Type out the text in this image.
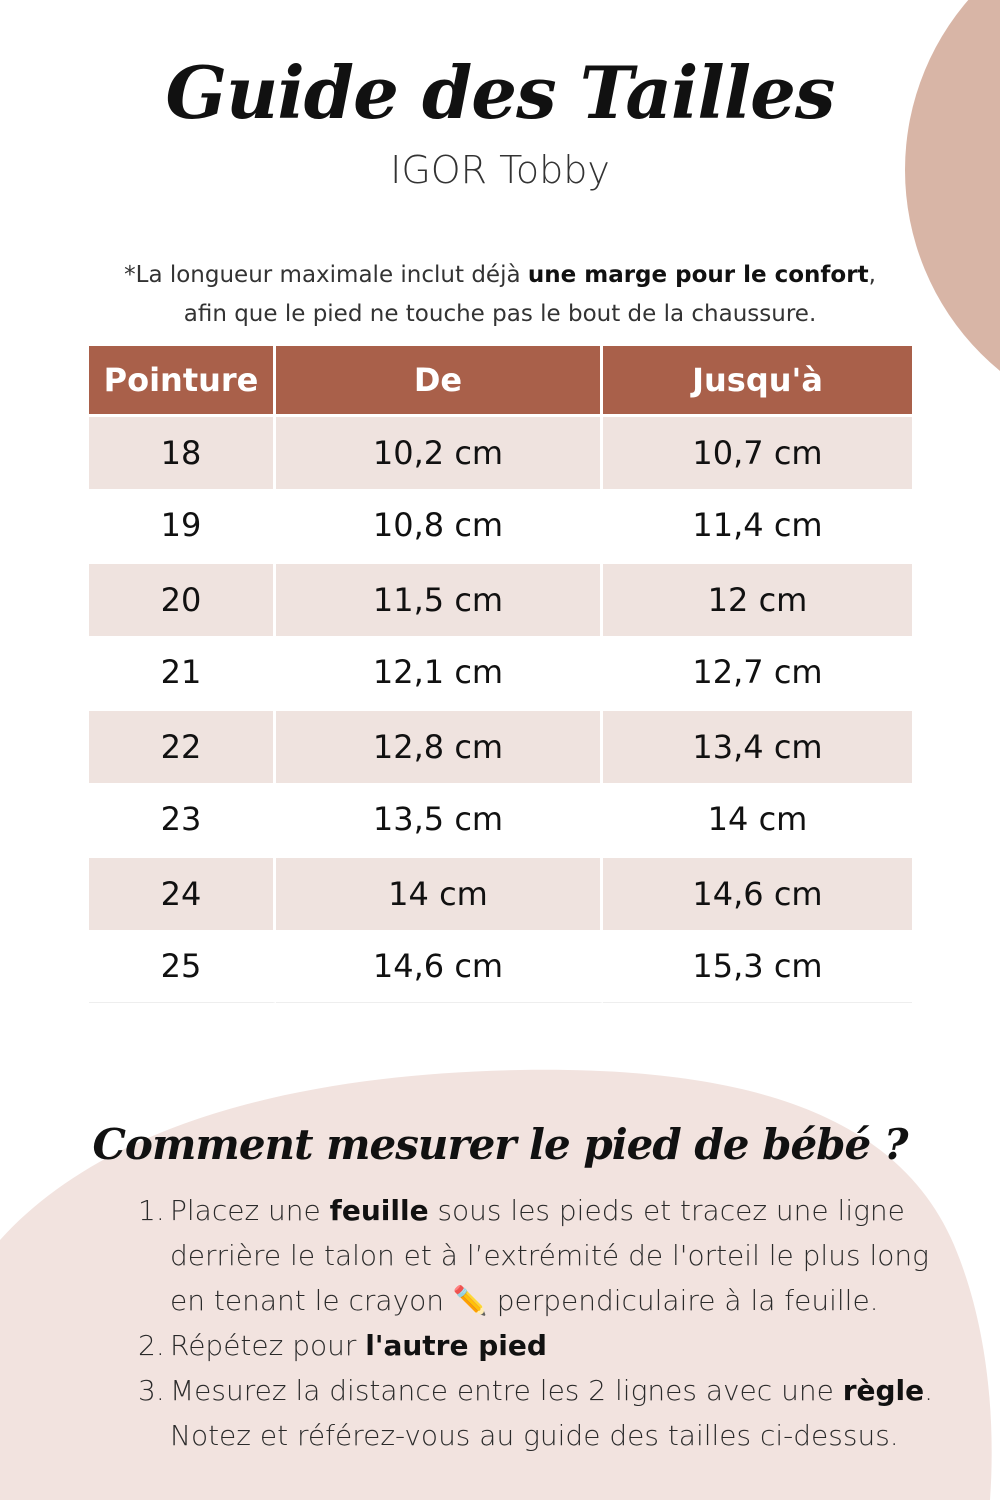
Guide des Tailles
IGOR Tobby
*La longueur maximale inclut déjà une marge pour le confort,
afin que le pied ne touche pas le bout de la chaussure.
Pointure	De	Jusqu'à
18	10,2 cm	10,7 cm
19	10,8 cm	11,4 cm
20	11,5 cm	12 cm
21	12,1 cm	12,7 cm
22	12,8 cm	13,4 cm
23	13,5 cm	14 cm
24	14 cm	14,6 cm
25	14,6 cm	15,3 cm
Comment mesurer le pied de bébé ?
1. Placez une feuille sous les pieds et tracez une ligne derrière le talon et à l’extrémité de l'orteil le plus long en tenant le crayon ✏️ perpendiculaire à la feuille.
2. Répétez pour l'autre pied
3. Mesurez la distance entre les 2 lignes avec une règle. Notez et référez-vous au guide des tailles ci-dessus.
